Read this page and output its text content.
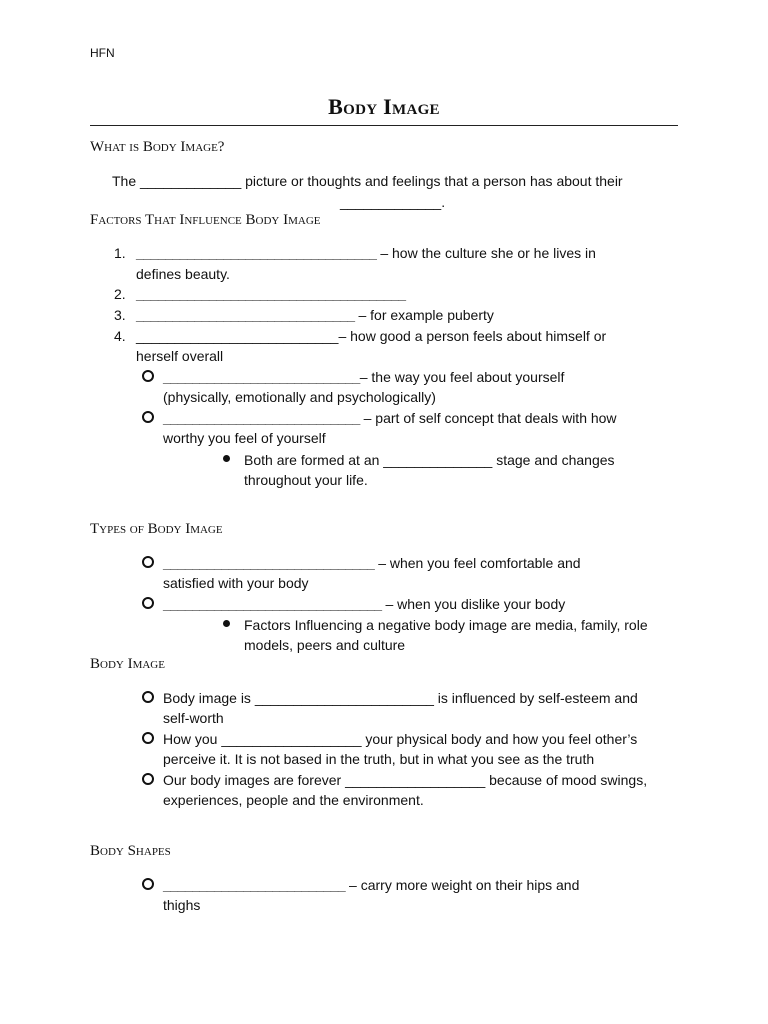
HFN
Body Image
What is Body Image?
The _____________ picture or thoughts and feelings that a person has about their
_____________.
Factors That Influence Body Image
1. _________________________________ – how the culture she or he lives in
defines beauty.
2. _____________________________________
3. ______________________________ – for example puberty
4. __________________________– how good a person feels about himself or
herself overall
___________________________– the way you feel about yourself
(physically, emotionally and psychologically)
___________________________ – part of self concept that deals with how
worthy you feel of yourself
Both are formed at an ______________ stage and changes
throughout your life.
Types of Body Image
_____________________________ – when you feel comfortable and
satisfied with your body
______________________________ – when you dislike your body
Factors Influencing a negative body image are media, family, role
models, peers and culture
Body Image
Body image is _______________________ is influenced by self-esteem and
self-worth
How you __________________ your physical body and how you feel other’s
perceive it. It is not based in the truth, but in what you see as the truth
Our body images are forever __________________ because of mood swings,
experiences, people and the environment.
Body Shapes
_________________________ – carry more weight on their hips and
thighs
